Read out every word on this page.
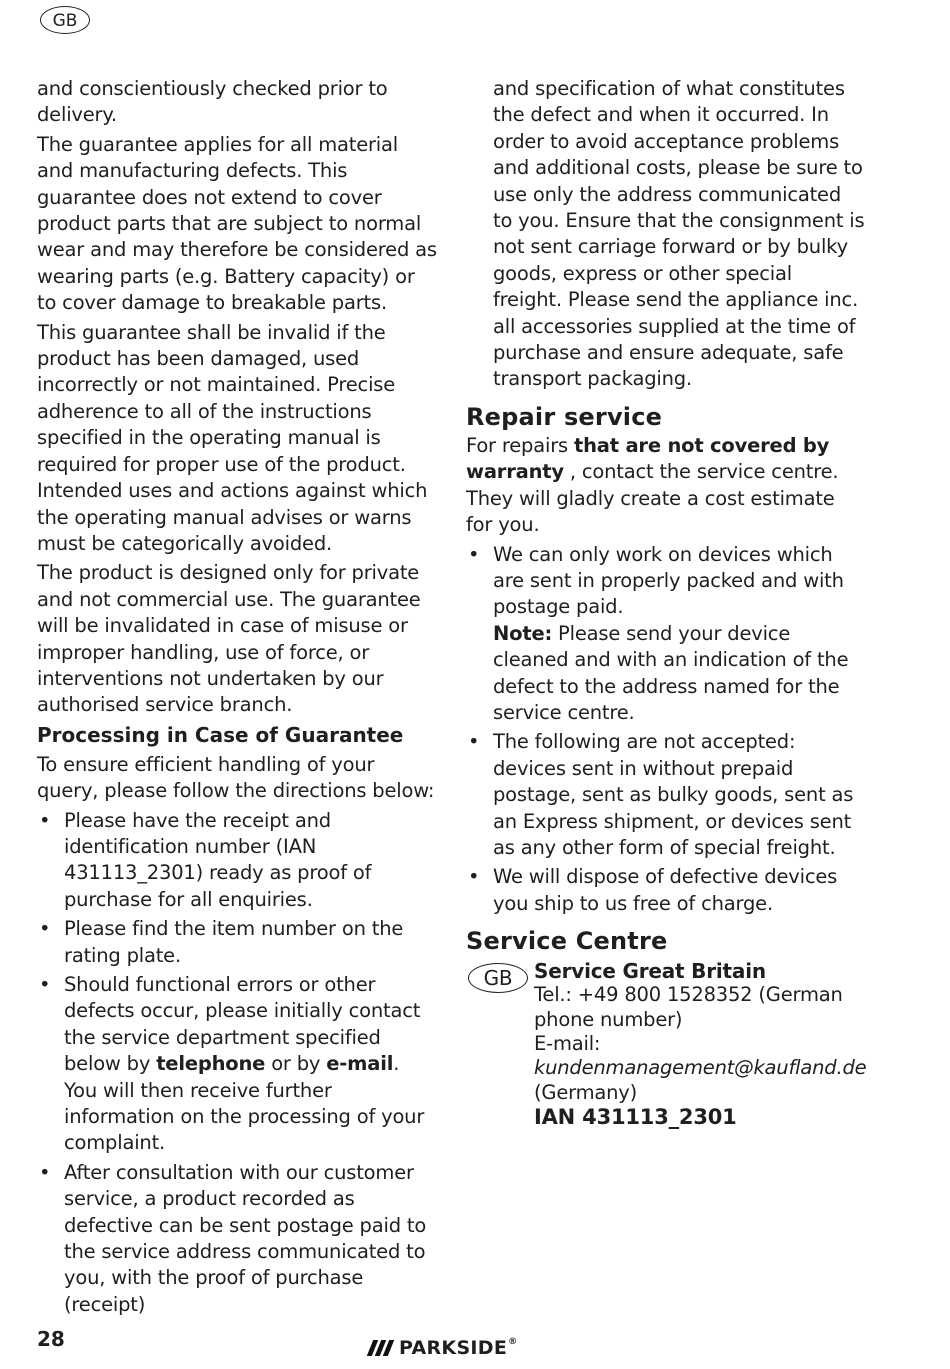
GB

and conscientiously checked prior to delivery.

The guarantee applies for all material and manufacturing defects. This guarantee does not extend to cover product parts that are subject to normal wear and may therefore be considered as wearing parts (e.g. Battery capacity) or to cover damage to breakable parts.

This guarantee shall be invalid if the product has been damaged, used incorrectly or not maintained. Precise adherence to all of the instructions specified in the operating manual is required for proper use of the product. Intended uses and actions against which the operating manual advises or warns must be categorically avoided.

The product is designed only for private and not commercial use. The guarantee will be invalidated in case of misuse or improper handling, use of force, or interventions not undertaken by our authorised service branch.

Processing in Case of Guarantee

To ensure efficient handling of your query, please follow the directions below:

• Please have the receipt and identification number (IAN 431113_2301) ready as proof of purchase for all enquiries.
• Please find the item number on the rating plate.
• Should functional errors or other defects occur, please initially contact the service department specified below by telephone or by e-mail. You will then receive further information on the processing of your complaint.
• After consultation with our customer service, a product recorded as defective can be sent postage paid to the service address communicated to you, with the proof of purchase (receipt)

and specification of what constitutes the defect and when it occurred. In order to avoid acceptance problems and additional costs, please be sure to use only the address communicated to you. Ensure that the consignment is not sent carriage forward or by bulky goods, express or other special freight. Please send the appliance inc. all accessories supplied at the time of purchase and ensure adequate, safe transport packaging.

Repair service

For repairs that are not covered by warranty , contact the service centre. They will gladly create a cost estimate for you.

• We can only work on devices which are sent in properly packed and with postage paid.
Note: Please send your device cleaned and with an indication of the defect to the address named for the service centre.
• The following are not accepted: devices sent in without prepaid postage, sent as bulky goods, sent as an Express shipment, or devices sent as any other form of special freight.
• We will dispose of defective devices you ship to us free of charge.
Service Centre
GB	Service Great Britain
Tel.: +49 800 1528352 (German phone number)
E-mail:
kundenmanagement@kaufland.de
(Germany)
IAN 431113_2301
28	PARKSIDE ®
